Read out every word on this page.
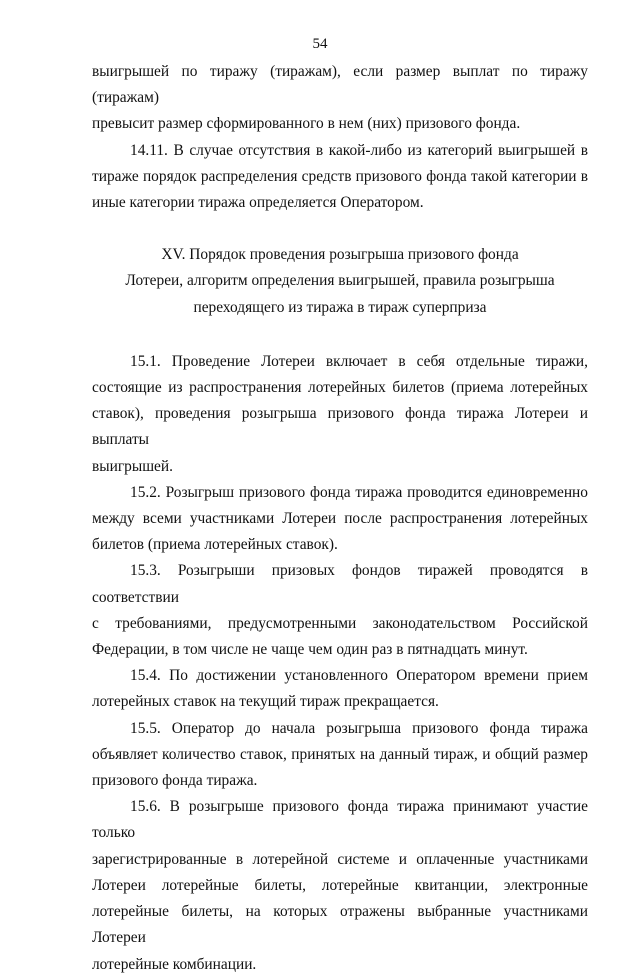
54
выигрышей по тиражу (тиражам), если размер выплат по тиражу (тиражам)
превысит размер сформированного в нем (них) призового фонда.
14.11. В случае отсутствия в какой-либо из категорий выигрышей в
тираже порядок распределения средств призового фонда такой категории в
иные категории тиража определяется Оператором.
XV. Порядок проведения розыгрыша призового фонда
Лотереи, алгоритм определения выигрышей, правила розыгрыша
переходящего из тиража в тираж суперприза
15.1. Проведение Лотереи включает в себя отдельные тиражи,
состоящие из распространения лотерейных билетов (приема лотерейных
ставок), проведения розыгрыша призового фонда тиража Лотереи и выплаты
выигрышей.
15.2. Розыгрыш призового фонда тиража проводится единовременно
между всеми участниками Лотереи после распространения лотерейных
билетов (приема лотерейных ставок).
15.3. Розыгрыши призовых фондов тиражей проводятся в соответствии
с требованиями, предусмотренными законодательством Российской
Федерации, в том числе не чаще чем один раз в пятнадцать минут.
15.4. По достижении установленного Оператором времени прием
лотерейных ставок на текущий тираж прекращается.
15.5. Оператор до начала розыгрыша призового фонда тиража
объявляет количество ставок, принятых на данный тираж, и общий размер
призового фонда тиража.
15.6. В розыгрыше призового фонда тиража принимают участие только
зарегистрированные в лотерейной системе и оплаченные участниками
Лотереи лотерейные билеты, лотерейные квитанции, электронные
лотерейные билеты, на которых отражены выбранные участниками Лотереи
лотерейные комбинации.
